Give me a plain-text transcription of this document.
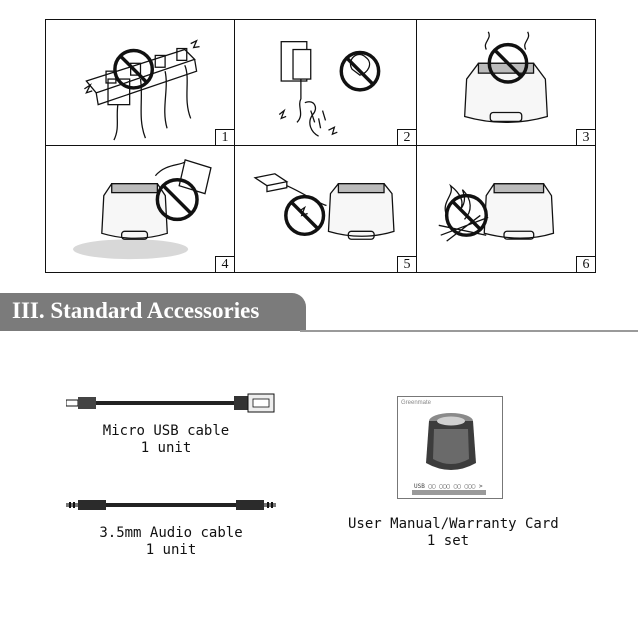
1	2	3
4	5	6
III. Standard Accessories
Micro USB cable
1 unit
3.5mm Audio cable
1 unit
Greenmate
USB ▢▢ ▢▢▢ ▢▢ ▢▢▢ >
User Manual/Warranty Card
1 set
